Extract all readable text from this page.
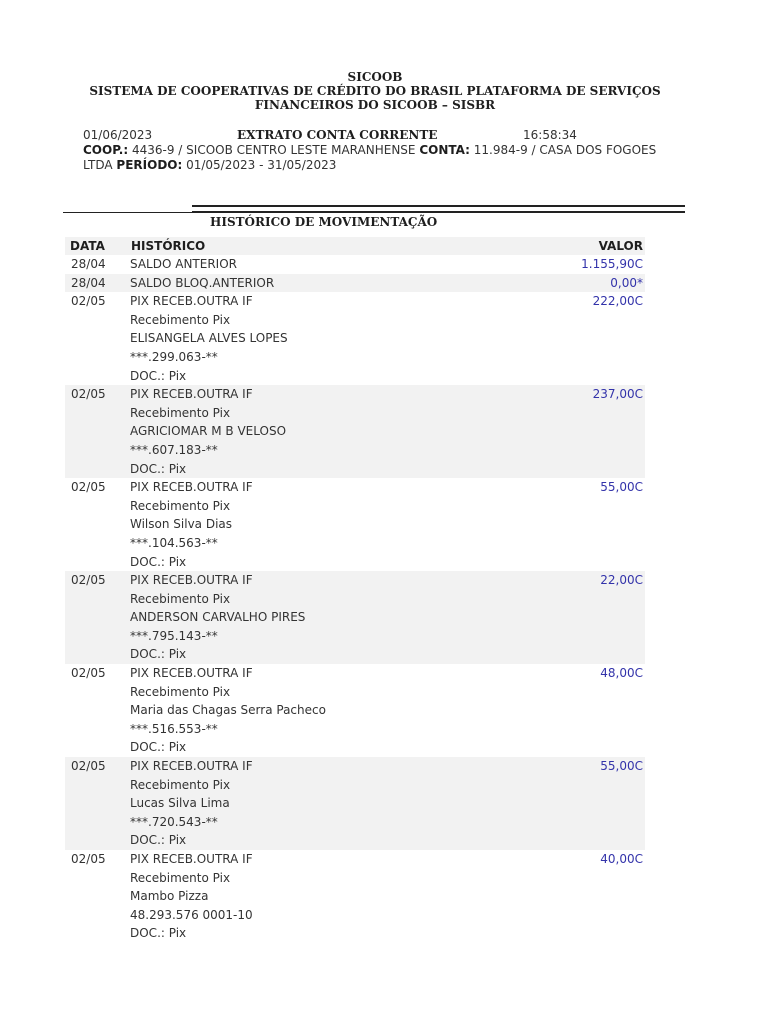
SICOOB
SISTEMA DE COOPERATIVAS DE CRÉDITO DO BRASIL PLATAFORMA DE SERVIÇOS
FINANCEIROS DO SICOOB – SISBR
01/06/2023	EXTRATO CONTA CORRENTE	16:58:34
COOP.: 4436-9 / SICOOB CENTRO LESTE MARANHENSE CONTA: 11.984-9 / CASA DOS FOGOES LTDA PERÍODO: 01/05/2023 - 31/05/2023
HISTÓRICO DE MOVIMENTAÇÃO
DATA	HISTÓRICO	VALOR
28/04	SALDO ANTERIOR	1.155,90C
28/04	SALDO BLOQ.ANTERIOR	0,00*
02/05	PIX RECEB.OUTRA IF
Recebimento Pix
ELISANGELA ALVES LOPES
***.299.063-**
DOC.: Pix	222,00C
02/05	PIX RECEB.OUTRA IF
Recebimento Pix
AGRICIOMAR M B VELOSO
***.607.183-**
DOC.: Pix	237,00C
02/05	PIX RECEB.OUTRA IF
Recebimento Pix
Wilson Silva Dias
***.104.563-**
DOC.: Pix	55,00C
02/05	PIX RECEB.OUTRA IF
Recebimento Pix
ANDERSON CARVALHO PIRES
***.795.143-**
DOC.: Pix	22,00C
02/05	PIX RECEB.OUTRA IF
Recebimento Pix
Maria das Chagas Serra Pacheco
***.516.553-**
DOC.: Pix	48,00C
02/05	PIX RECEB.OUTRA IF
Recebimento Pix
Lucas Silva Lima
***.720.543-**
DOC.: Pix	55,00C
02/05	PIX RECEB.OUTRA IF
Recebimento Pix
Mambo Pizza
48.293.576 0001-10
DOC.: Pix	40,00C
